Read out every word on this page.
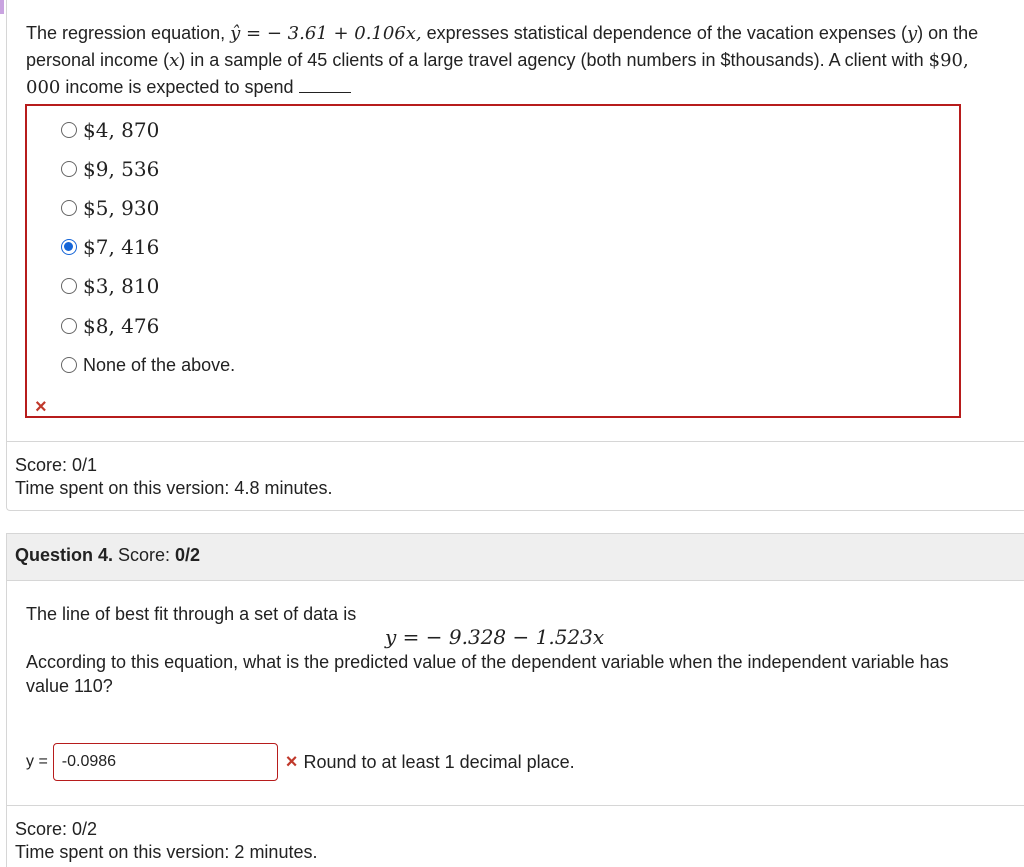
The regression equation, ŷ = − 3.61 + 0.106x, expresses statistical dependence of the vacation expenses (y) on the personal income (x) in a sample of 45 clients of a large travel agency (both numbers in $thousands). A client with $90, 000 income is expected to spend
$4, 870
$9, 536
$5, 930
$7, 416
$3, 810
$8, 476
None of the above.
×
Score: 0/1
Time spent on this version: 4.8 minutes.
Question 4. Score: 0/2
The line of best fit through a set of data is
According to this equation, what is the predicted value of the dependent variable when the independent variable has value 110?
y = − 9.328 − 1.523x
y = -0.0986	× Round to at least 1 decimal place.
Score: 0/2
Time spent on this version: 2 minutes.
